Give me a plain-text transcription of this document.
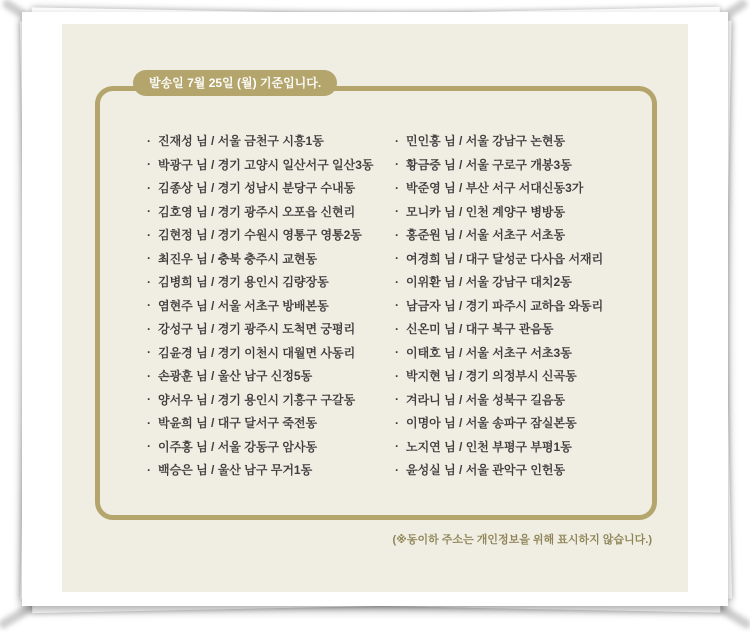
발송일 7월 25일 (월) 기준입니다.
· 진재성 님 / 서울 금천구 시흥1동
· 박광구 님 / 경기 고양시 일산서구 일산3동
· 김종상 님 / 경기 성남시 분당구 수내동
· 김호영 님 / 경기 광주시 오포읍 신현리
· 김현정 님 / 경기 수원시 영통구 영통2동
· 최진우 님 / 충북 충주시 교현동
· 김병희 님 / 경기 용인시 김량장동
· 염현주 님 / 서울 서초구 방배본동
· 강성구 님 / 경기 광주시 도척면 궁평리
· 김윤경 님 / 경기 이천시 대월면 사동리
· 손광훈 님 / 울산 남구 신정5동
· 양서우 님 / 경기 용인시 기흥구 구갈동
· 박윤희 님 / 대구 달서구 죽전동
· 이주홍 님 / 서울 강동구 암사동
· 백승은 님 / 울산 남구 무거1동
· 민인홍 님 / 서울 강남구 논현동
· 황금중 님 / 서울 구로구 개봉3동
· 박준영 님 / 부산 서구 서대신동3가
· 모니카 님 / 인천 계양구 병방동
· 홍준원 님 / 서울 서초구 서초동
· 여경희 님 / 대구 달성군 다사읍 서재리
· 이위환 님 / 서울 강남구 대치2동
· 남금자 님 / 경기 파주시 교하읍 와동리
· 신온미 님 / 대구 북구 관음동
· 이태호 님 / 서울 서초구 서초3동
· 박지현 님 / 경기 의정부시 신곡동
· 겨라니 님 / 서울 성북구 길음동
· 이명아 님 / 서울 송파구 잠실본동
· 노지연 님 / 인천 부평구 부평1동
· 윤성실 님 / 서울 관악구 인헌동
(※동이하 주소는 개인정보을 위해 표시하지 않습니다.)
